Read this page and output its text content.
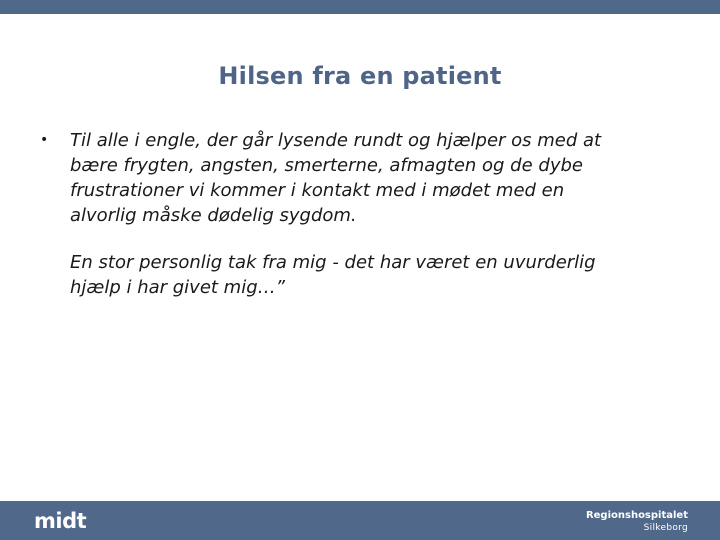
Hilsen fra en patient
•	Til alle i engle, der går lysende rundt og hjælper os med at
bære frygten, angsten, smerterne, afmagten og de dybe
frustrationer vi kommer i kontakt med i mødet med en
alvorlig måske dødelig sygdom.
En stor personlig tak fra mig - det har været en uvurderlig
hjælp i har givet mig…”
midt	Regionshospitalet
Silkeborg
